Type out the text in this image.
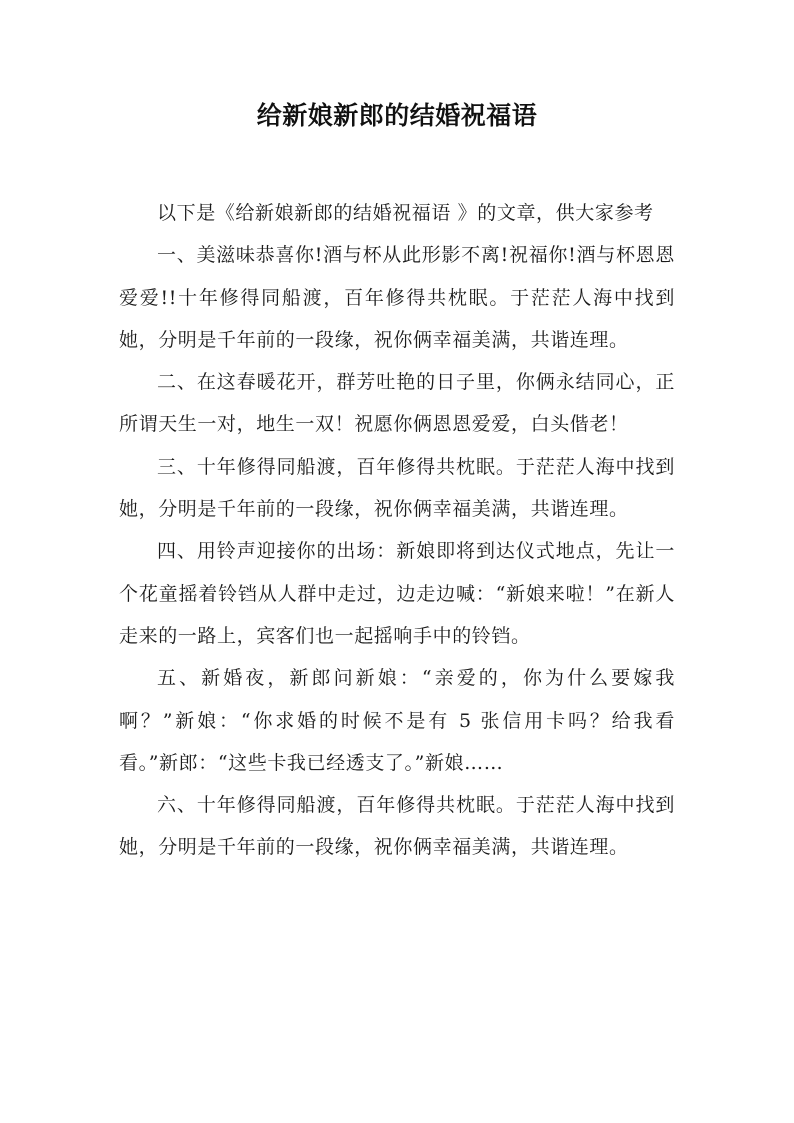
给新娘新郎的结婚祝福语

以下是《给新娘新郎的结婚祝福语 》的文章，供大家参考

一、美滋味恭喜你!酒与杯从此形影不离!祝福你!酒与杯恩恩爱爱!!十年修得同船渡，百年修得共枕眠。于茫茫人海中找到她，分明是千年前的一段缘，祝你俩幸福美满，共谐连理。

二、在这春暖花开，群芳吐艳的日子里，你俩永结同心，正所谓天生一对，地生一双！祝愿你俩恩恩爱爱，白头偕老！

三、十年修得同船渡，百年修得共枕眠。于茫茫人海中找到她，分明是千年前的一段缘，祝你俩幸福美满，共谐连理。

四、用铃声迎接你的出场：新娘即将到达仪式地点，先让一个花童摇着铃铛从人群中走过，边走边喊：“新娘来啦！”在新人走来的一路上，宾客们也一起摇响手中的铃铛。

五、新婚夜，新郎问新娘：“亲爱的，你为什么要嫁我啊？”新娘：“你求婚的时候不是有 5 张信用卡吗？给我看看。”新郎：“这些卡我已经透支了。”新娘……

六、十年修得同船渡，百年修得共枕眠。于茫茫人海中找到她，分明是千年前的一段缘，祝你俩幸福美满，共谐连理。
